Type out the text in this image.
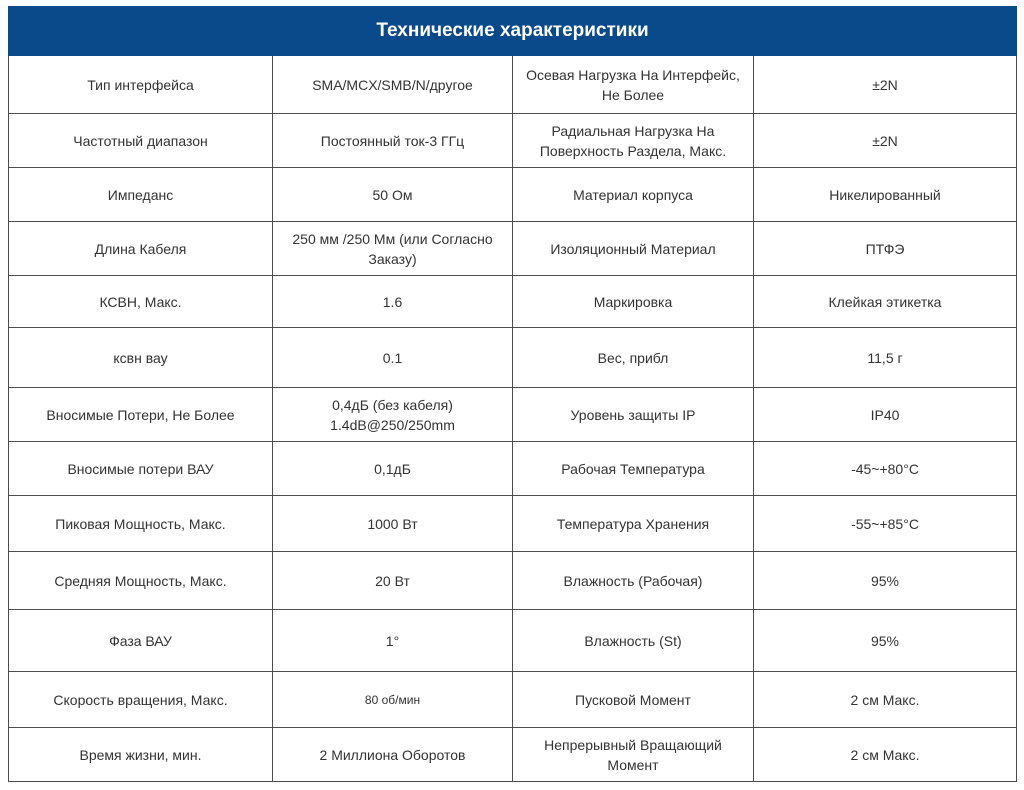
Технические характеристики			
Тип интерфейса	SMA/MCX/SMB/N/другое	Осевая Нагрузка На Интерфейс, Не Более	±2N
Частотный диапазон	Постоянный ток-3 ГГц	Радиальная Нагрузка На Поверхность Раздела, Макс.	±2N
Импеданс	50 Ом	Материал корпуса	Никелированный
Длина Кабеля	250 мм /250 Мм (или Согласно Заказу)	Изоляционный Материал	ПТФЭ
КСВН, Макс.	1.6	Маркировка	Клейкая этикетка
ксвн вау	0.1	Вес, прибл	11,5 г
Вносимые Потери, Не Более	0,4дБ (без кабеля) 1.4dB@250/250mm	Уровень защиты IP	IP40
Вносимые потери ВАУ	0,1дБ	Рабочая Температура	-45~+80°C
Пиковая Мощность, Макс.	1000 Вт	Температура Хранения	-55~+85°C
Средняя Мощность, Макс.	20 Вт	Влажность (Рабочая)	95%
Фаза ВАУ	1°	Влажность (St)	95%
Скорость вращения, Макс.	80 об/мин	Пусковой Момент	2 см Макс.
Время жизни, мин.	2 Миллиона Оборотов	Непрерывный Вращающий Момент	2 см Макс.
